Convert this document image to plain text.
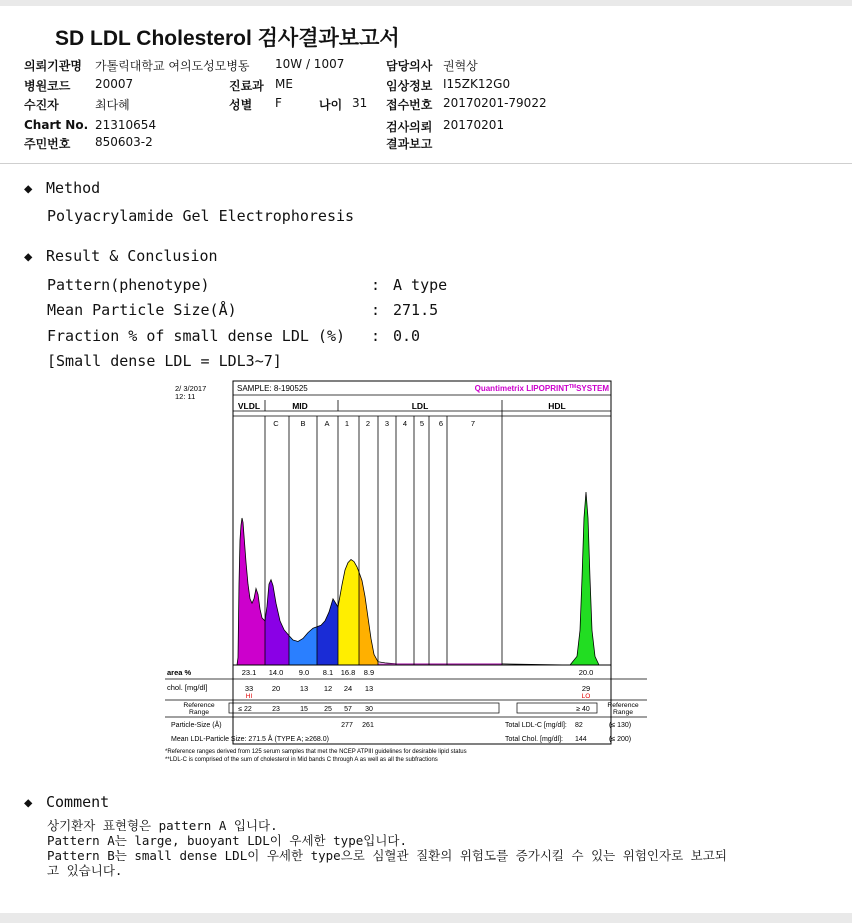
SD LDL Cholesterol 검사결과보고서
의뢰기관명 가톨릭대학교 여의도성모병동 10W / 1007	담당의사 권혁상
병원코드 20007	진료과 ME	임상정보 I15ZK12G0
수진자	최다혜	성별 F	나이 31 접수번호 20170201-79022
Chart No. 21310654	검사의뢰 20170201
주민번호 850603-2	결과보고
◆ Method
Polyacrylamide Gel Electrophoresis
◆ Result & Conclusion
Pattern(phenotype)	: A type
Mean Particle Size(Å)	: 271.5
Fraction % of small dense LDL (%) : 0.0
[Small dense LDL = LDL3~7]
2/ 3/2017
12: 11
SAMPLE: 8-190525	Quantimetrix LIPOPRINT™SYSTEM
VLDL	MID	LDL	HDL
C	B	A 1 2 3 4 5 6	7
area %	23.1 14.0 9.0 8.1 16.8 8.9	20.0
chol. [mg/dl]	33 20	13 12 24 13	29
HI	LO
Reference
Range	≤ 22	23	15 25 57 30	≥ 40
Reference
Range
Particle-Size (Å)	277 261	Total LDL-C [mg/dl]: 82	(≤ 130)
Mean LDL-Particle Size: 271.5 Å (TYPE A; ≥268.0)	Total Chol. [mg/dl]: 144	(≤ 200)
*Reference ranges derived from 125 serum samples that met the NCEP ATPIII guidelines for desirable lipid status
**LDL-C is comprised of the sum of cholesterol in Mid bands C through A as well as all the subfractions
◆ Comment
상기환자 표현형은 pattern A 입니다.
Pattern A는 large, buoyant LDL이 우세한 type입니다.
Pattern B는 small dense LDL이 우세한 type으로 심혈관 질환의 위험도를 증가시킬 수 있는 위험인자로 보고되
고 있습니다.
